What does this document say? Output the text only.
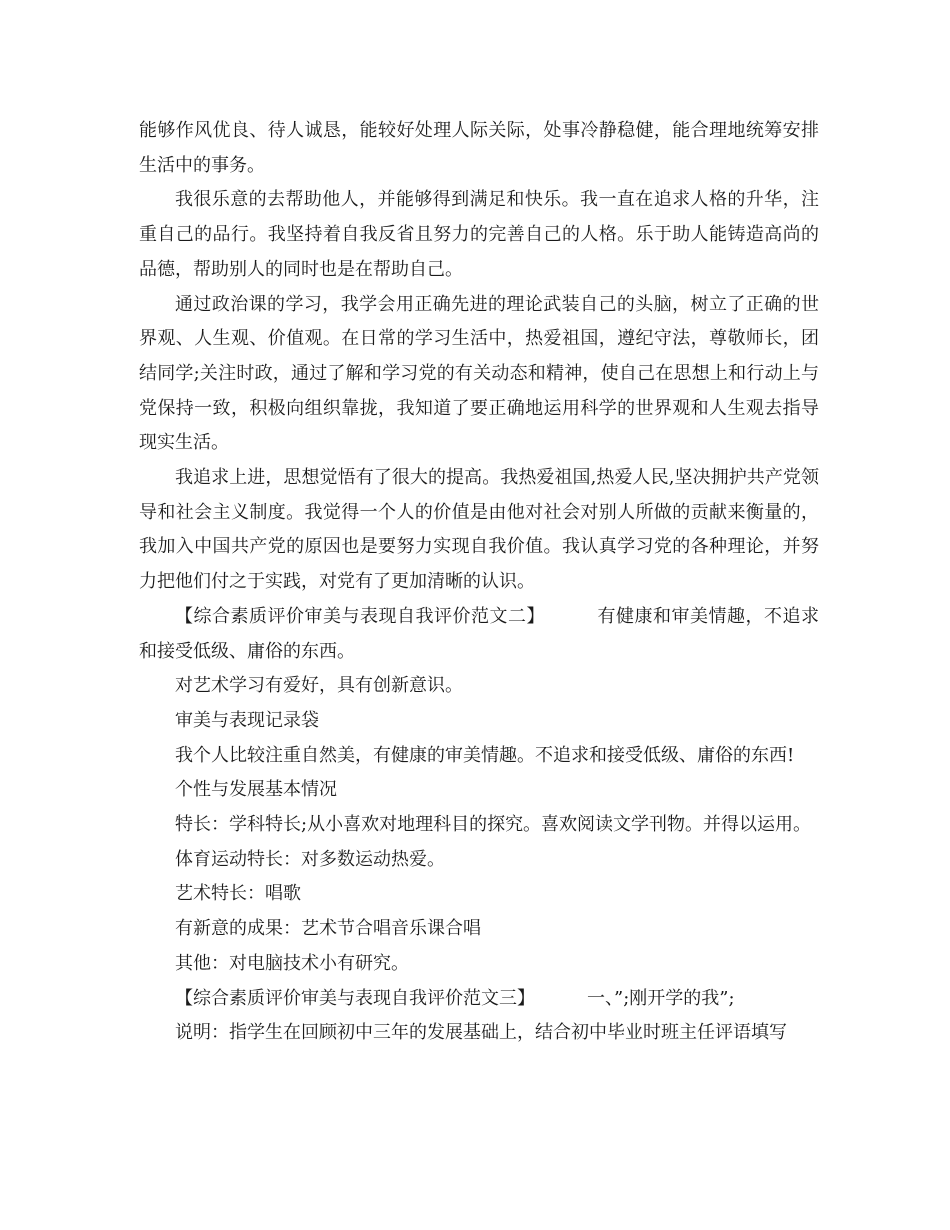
能够作风优良、待人诚恳，能较好处理人际关际，处事冷静稳健，能合理地统筹安排生活中的事务。

我很乐意的去帮助他人，并能够得到满足和快乐。我一直在追求人格的升华，注重自己的品行。我坚持着自我反省且努力的完善自己的人格。乐于助人能铸造高尚的品德，帮助别人的同时也是在帮助自己。

通过政治课的学习，我学会用正确先进的理论武装自己的头脑，树立了正确的世界观、人生观、价值观。在日常的学习生活中，热爱祖国，遵纪守法，尊敬师长，团结同学;关注时政，通过了解和学习党的有关动态和精神，使自己在思想上和行动上与党保持一致，积极向组织靠拢，我知道了要正确地运用科学的世界观和人生观去指导现实生活。

我追求上进，思想觉悟有了很大的提高。我热爱祖国,热爱人民,坚决拥护共产党领导和社会主义制度。我觉得一个人的价值是由他对社会对别人所做的贡献来衡量的，我加入中国共产党的原因也是要努力实现自我价值。我认真学习党的各种理论，并努力把他们付之于实践，对党有了更加清晰的认识。

【综合素质评价审美与表现自我评价范文二】	有健康和审美情趣，不追求和接受低级、庸俗的东西。

对艺术学习有爱好，具有创新意识。

审美与表现记录袋

我个人比较注重自然美，有健康的审美情趣。不追求和接受低级、庸俗的东西!

个性与发展基本情况

特长：学科特长;从小喜欢对地理科目的探究。喜欢阅读文学刊物。并得以运用。

体育运动特长：对多数运动热爱。

艺术特长：唱歌

有新意的成果：艺术节合唱音乐课合唱

其他：对电脑技术小有研究。

【综合素质评价审美与表现自我评价范文三】	一、”;刚开学的我”;

说明：指学生在回顾初中三年的发展基础上，结合初中毕业时班主任评语填写
